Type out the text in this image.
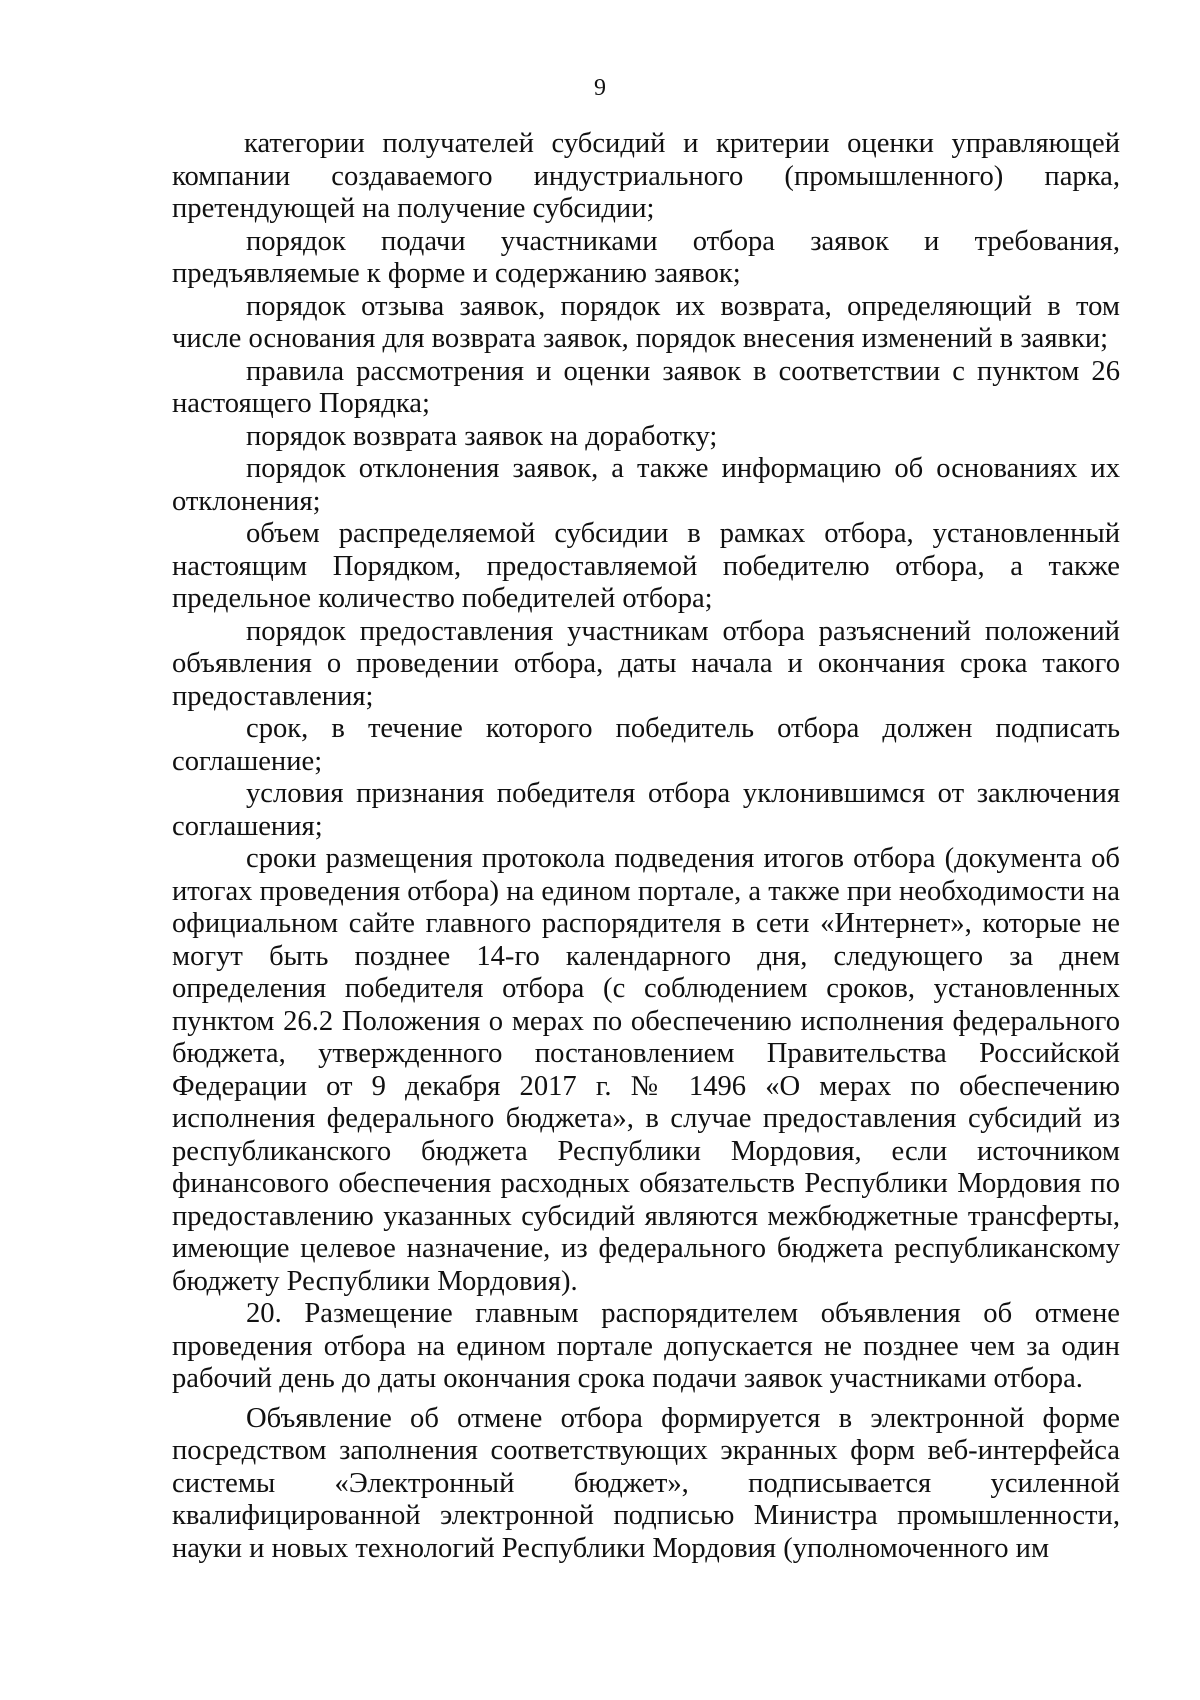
9

категории получателей субсидий и критерии оценки управляющей компании создаваемого индустриального (промышленного) парка, претендующей на получение субсидии;

порядок подачи участниками отбора заявок и требования, предъявляемые к форме и содержанию заявок;

порядок отзыва заявок, порядок их возврата, определяющий в том числе основания для возврата заявок, порядок внесения изменений в заявки;

правила рассмотрения и оценки заявок в соответствии с пунктом 26 настоящего Порядка;

порядок возврата заявок на доработку;

порядок отклонения заявок, а также информацию об основаниях их отклонения;

объем распределяемой субсидии в рамках отбора, установленный настоящим Порядком, предоставляемой победителю отбора, а также предельное количество победителей отбора;

порядок предоставления участникам отбора разъяснений положений объявления о проведении отбора, даты начала и окончания срока такого предоставления;

срок, в течение которого победитель отбора должен подписать соглашение;

условия признания победителя отбора уклонившимся от заключения соглашения;

сроки размещения протокола подведения итогов отбора (документа об итогах проведения отбора) на едином портале, а также при необходимости на официальном сайте главного распорядителя в сети «Интернет», которые не могут быть позднее 14-го календарного дня, следующего за днем определения победителя отбора (с соблюдением сроков, установленных пунктом 26.2 Положения о мерах по обеспечению исполнения федерального бюджета, утвержденного постановлением Правительства Российской Федерации от 9 декабря 2017 г. № 1496 «О мерах по обеспечению исполнения федерального бюджета», в случае предоставления субсидий из республиканского бюджета Республики Мордовия, если источником финансового обеспечения расходных обязательств Республики Мордовия по предоставлению указанных субсидий являются межбюджетные трансферты, имеющие целевое назначение, из федерального бюджета республиканскому бюджету Республики Мордовия).

20. Размещение главным распорядителем объявления об отмене проведения отбора на едином портале допускается не позднее чем за один рабочий день до даты окончания срока подачи заявок участниками отбора.

Объявление об отмене отбора формируется в электронной форме посредством заполнения соответствующих экранных форм веб-интерфейса системы «Электронный бюджет», подписывается усиленной квалифицированной электронной подписью Министра промышленности, науки и новых технологий Республики Мордовия (уполномоченного им
